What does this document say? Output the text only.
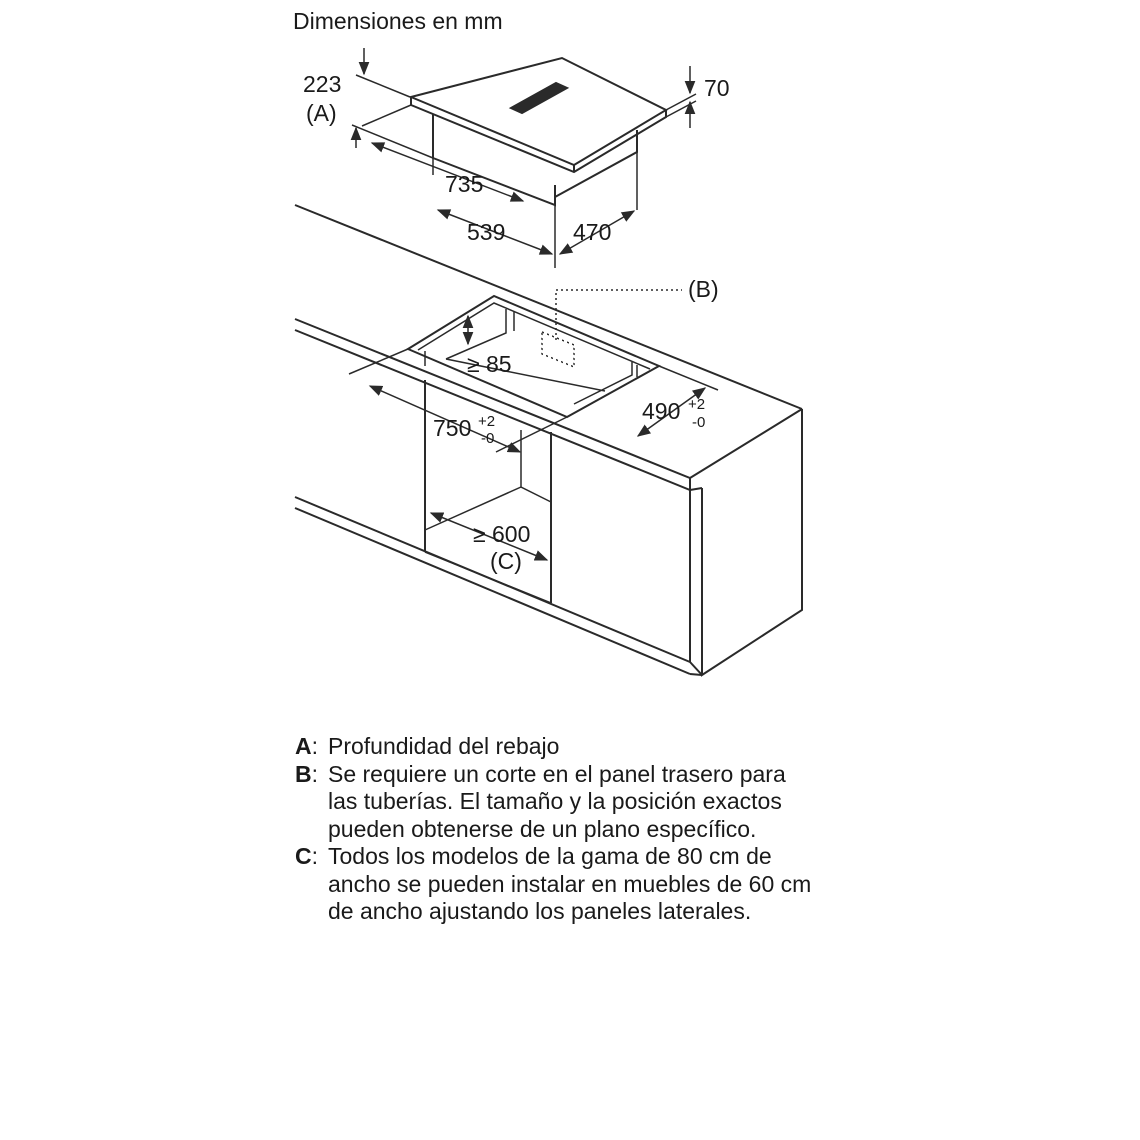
Dimensiones en mm
223
(A)
70
735
539	470
(B)
≥ 85
750 +2
-0
490 +2
-0
≥ 600
(C)
A: Profundidad del rebajo
B: Se requiere un corte en el panel trasero para las tuberías. El tamaño y la posición exactos pueden obtenerse de un plano específico.
C: Todos los modelos de la gama de 80 cm de ancho se pueden instalar en muebles de 60 cm de ancho ajustando los paneles laterales.
